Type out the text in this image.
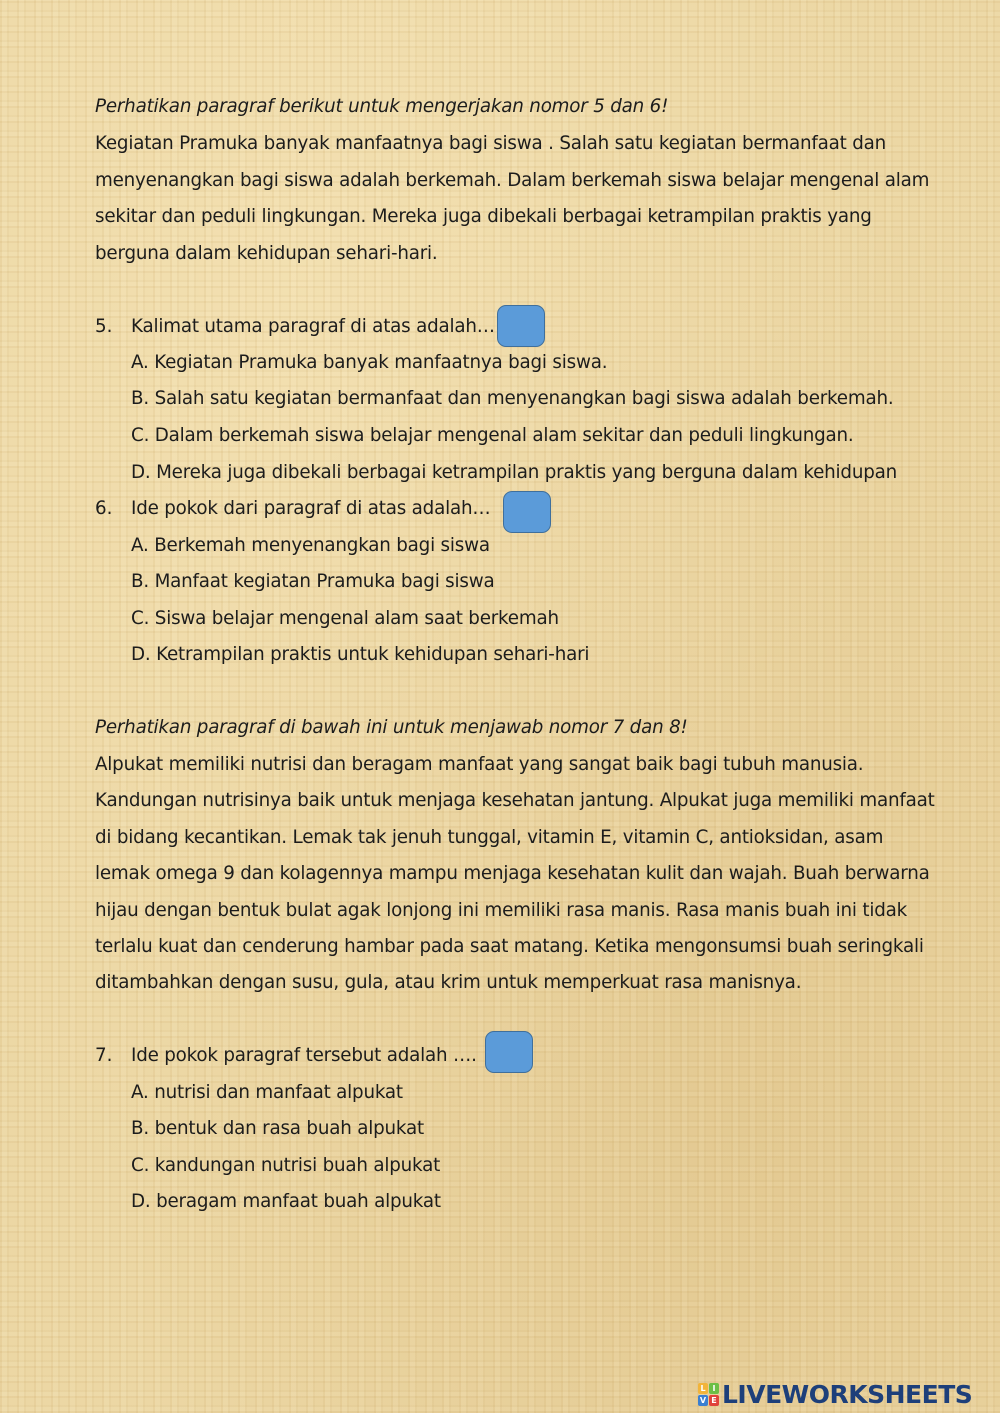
Perhatikan paragraf berikut untuk mengerjakan nomor 5 dan 6!
Kegiatan Pramuka banyak manfaatnya bagi siswa . Salah satu kegiatan bermanfaat dan
menyenangkan bagi siswa adalah berkemah. Dalam berkemah siswa belajar mengenal alam
sekitar dan peduli lingkungan. Mereka juga dibekali berbagai ketrampilan praktis yang
berguna dalam kehidupan sehari-hari.
5. Kalimat utama paragraf di atas adalah…
A. Kegiatan Pramuka banyak manfaatnya bagi siswa.
B. Salah satu kegiatan bermanfaat dan menyenangkan bagi siswa adalah berkemah.
C. Dalam berkemah siswa belajar mengenal alam sekitar dan peduli lingkungan.
D. Mereka juga dibekali berbagai ketrampilan praktis yang berguna dalam kehidupan
6. Ide pokok dari paragraf di atas adalah…
A. Berkemah menyenangkan bagi siswa
B. Manfaat kegiatan Pramuka bagi siswa
C. Siswa belajar mengenal alam saat berkemah
D. Ketrampilan praktis untuk kehidupan sehari-hari
Perhatikan paragraf di bawah ini untuk menjawab nomor 7 dan 8!
Alpukat memiliki nutrisi dan beragam manfaat yang sangat baik bagi tubuh manusia.
Kandungan nutrisinya baik untuk menjaga kesehatan jantung. Alpukat juga memiliki manfaat
di bidang kecantikan. Lemak tak jenuh tunggal, vitamin E, vitamin C, antioksidan, asam
lemak omega 9 dan kolagennya mampu menjaga kesehatan kulit dan wajah. Buah berwarna
hijau dengan bentuk bulat agak lonjong ini memiliki rasa manis. Rasa manis buah ini tidak
terlalu kuat dan cenderung hambar pada saat matang. Ketika mengonsumsi buah seringkali
ditambahkan dengan susu, gula, atau krim untuk memperkuat rasa manisnya.
7. Ide pokok paragraf tersebut adalah ….
A. nutrisi dan manfaat alpukat
B. bentuk dan rasa buah alpukat
C. kandungan nutrisi buah alpukat
D. beragam manfaat buah alpukat
L I
V E LIVEWORKSHEETS
